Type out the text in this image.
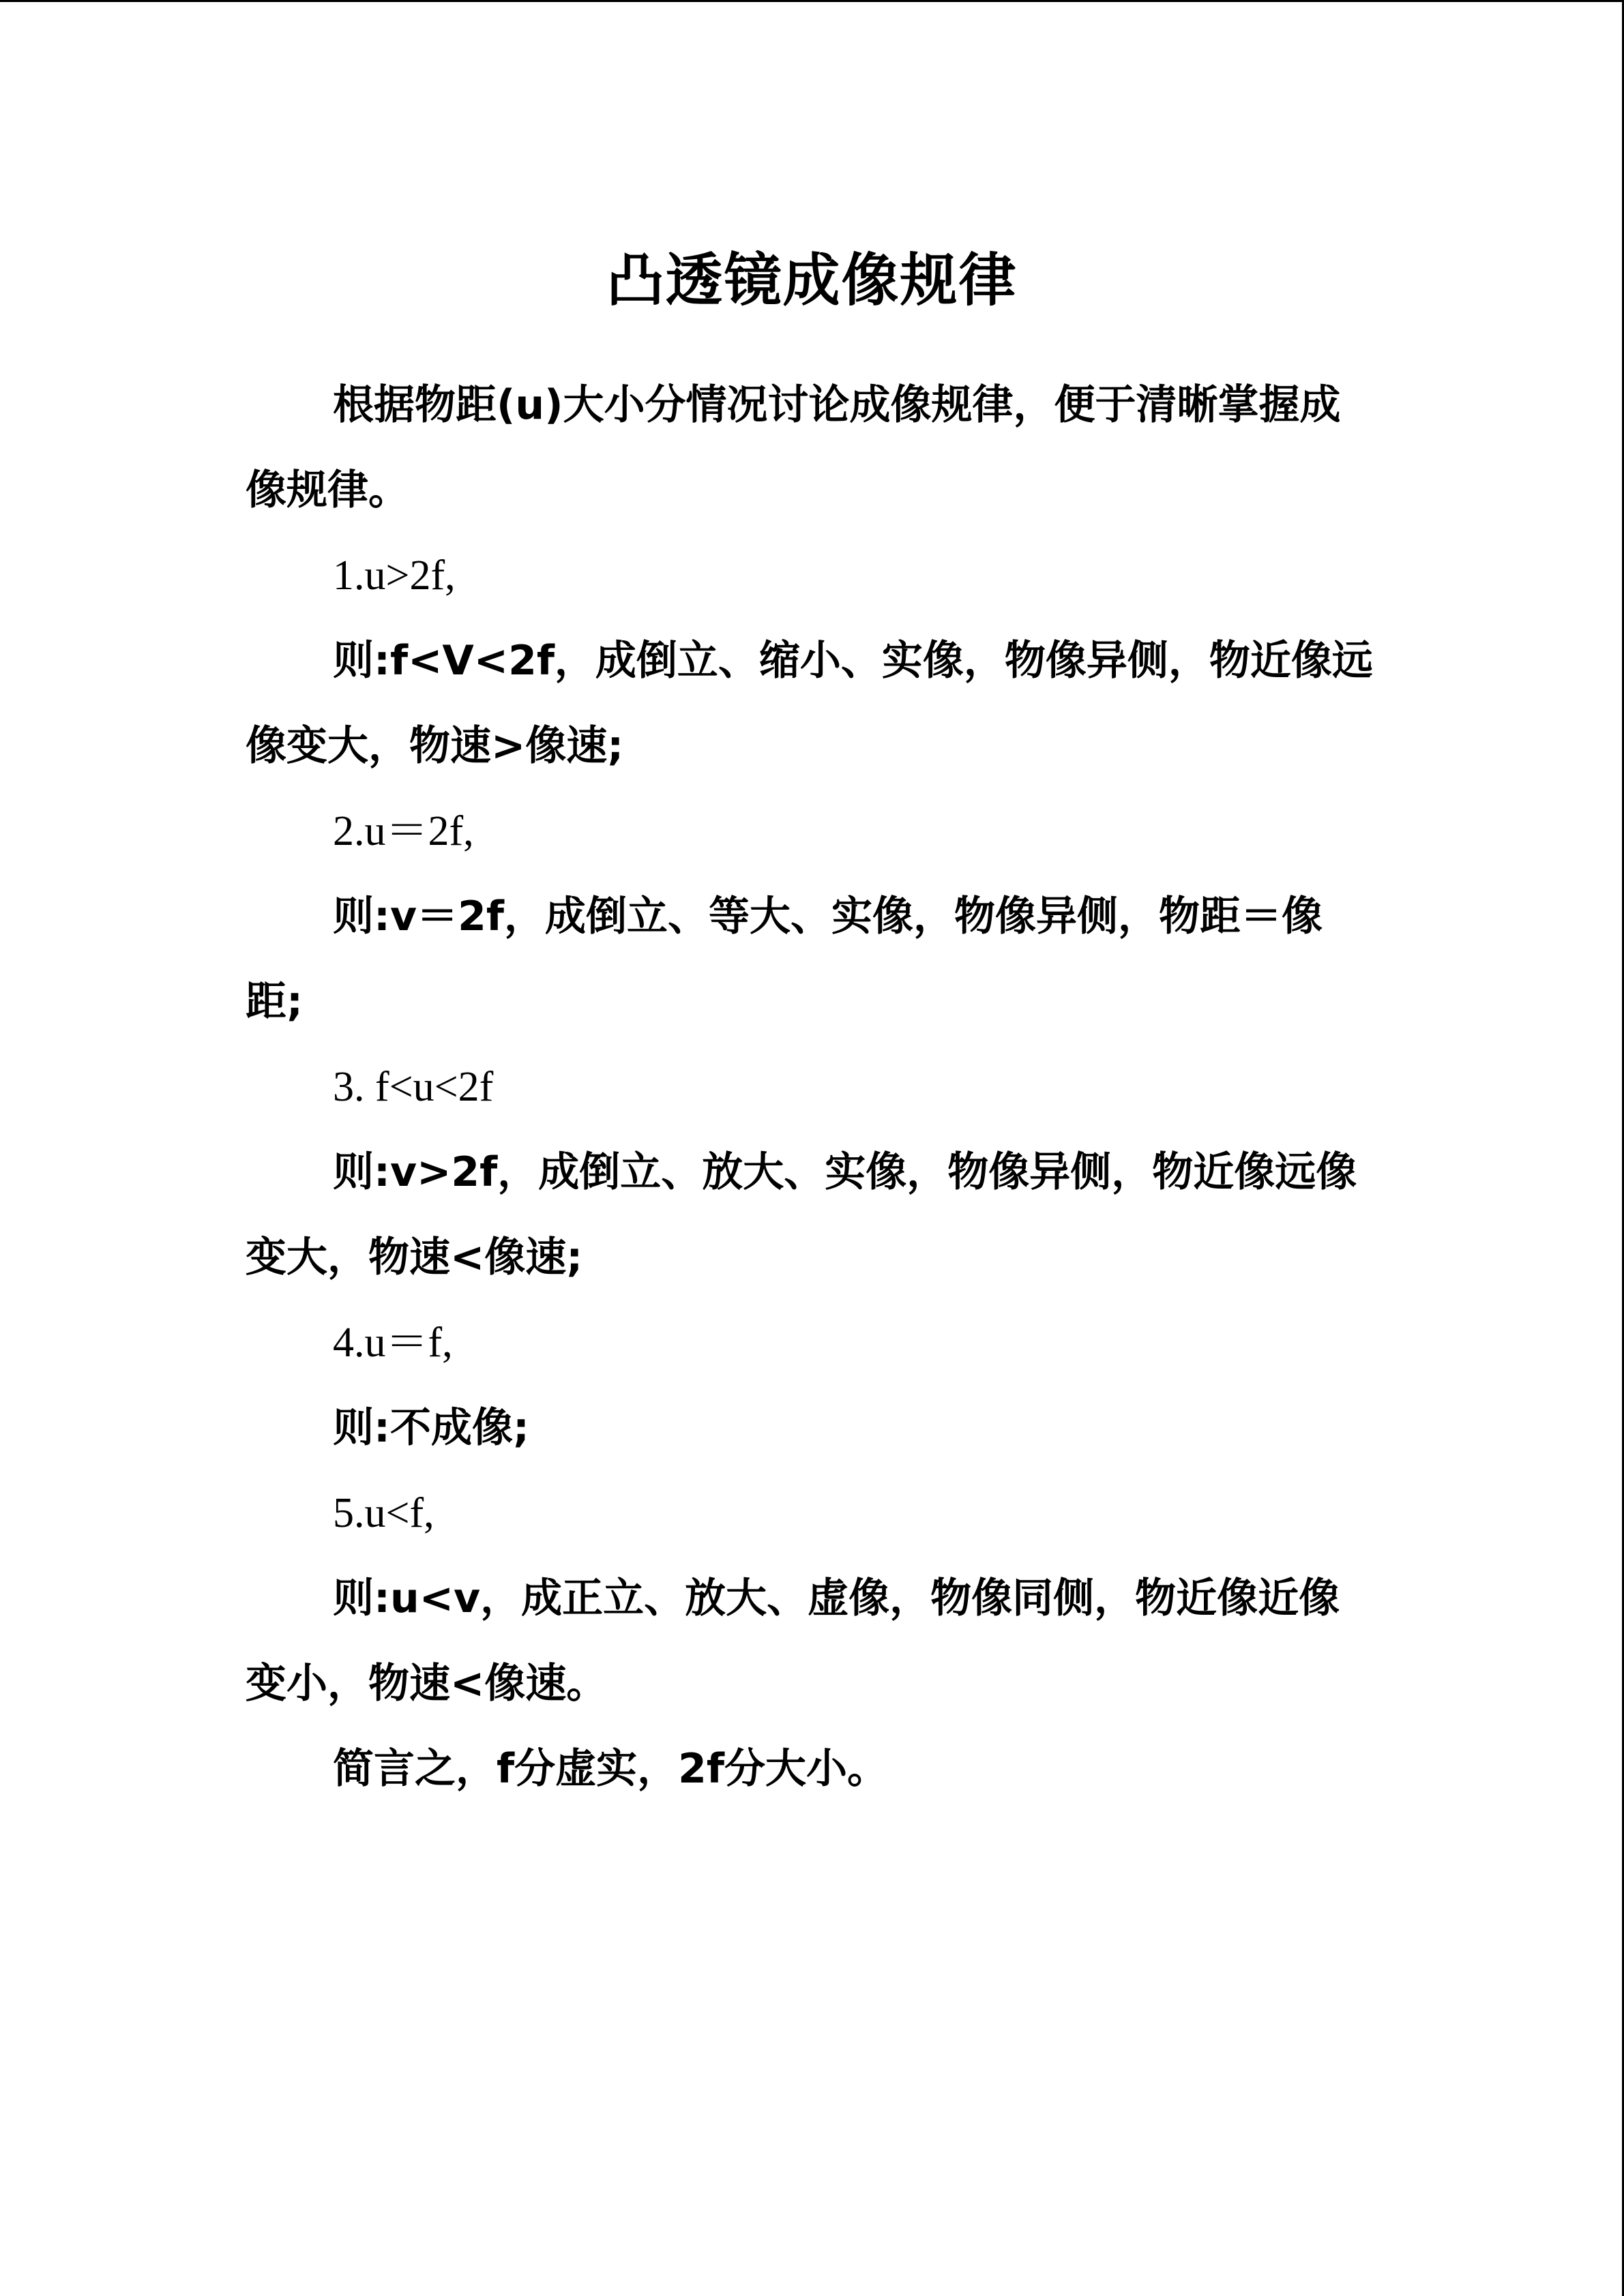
凸透镜成像规律

根据物距(u)大小分情况讨论成像规律，便于清晰掌握成像规律。

1.u>2f,

则:f<V<2f，成倒立、缩小、实像，物像异侧，物近像远像变大，物速>像速;

2.u＝2f,

则:v＝2f，成倒立、等大、实像，物像异侧，物距＝像距;

3. f<u<2f

则:v>2f，成倒立、放大、实像，物像异侧，物近像远像变大，物速<像速;

4.u＝f,

则:不成像;

5.u<f,

则:u<v，成正立、放大、虚像，物像同侧，物近像近像变小，物速<像速。

简言之，f分虚实，2f分大小。
